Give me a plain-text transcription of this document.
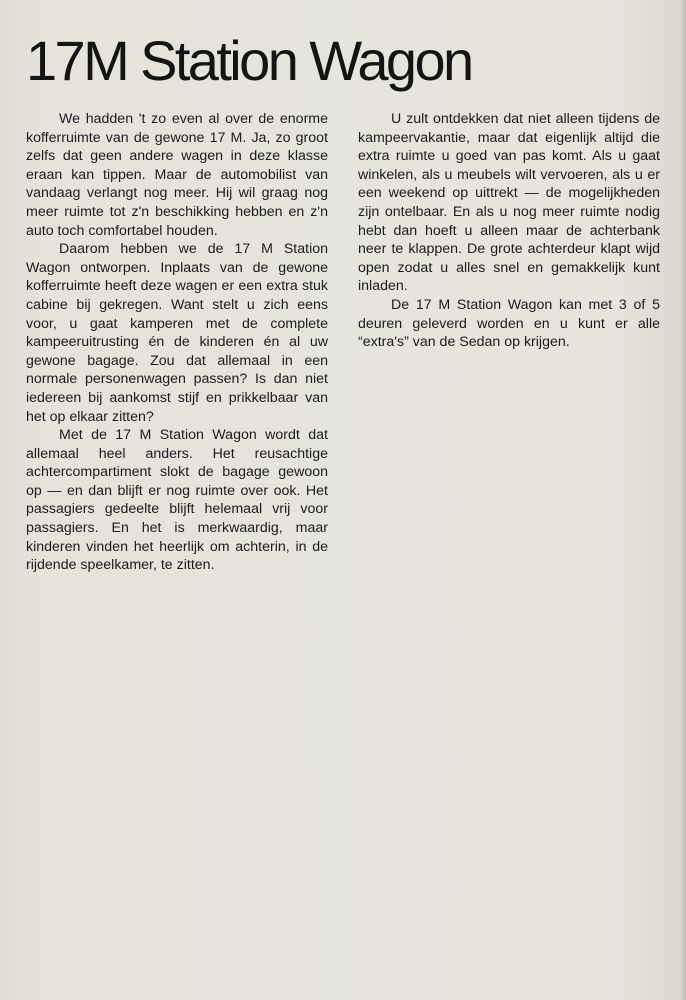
17M Station Wagon

We hadden 't zo even al over de enorme kofferruimte van de gewone 17 M. Ja, zo groot zelfs dat geen andere wagen in deze klasse eraan kan tippen. Maar de automobilist van vandaag verlangt nog meer. Hij wil graag nog meer ruimte tot z'n beschikking hebben en z'n auto toch comfortabel houden.

Daarom hebben we de 17 M Station Wagon ontworpen. Inplaats van de gewone kofferruimte heeft deze wagen er een extra stuk cabine bij gekregen. Want stelt u zich eens voor, u gaat kamperen met de complete kampeeruitrusting én de kinderen én al uw gewone bagage. Zou dat allemaal in een normale personenwagen passen? Is dan niet iedereen bij aankomst stijf en prikkelbaar van het op elkaar zitten?

Met de 17 M Station Wagon wordt dat allemaal heel anders. Het reusachtige achtercompartiment slokt de bagage gewoon op — en dan blijft er nog ruimte over ook. Het passagiers gedeelte blijft helemaal vrij voor passagiers. En het is merkwaardig, maar kinderen vinden het heerlijk om achterin, in de rijdende speelkamer, te zitten.

U zult ontdekken dat niet alleen tijdens de kampeervakantie, maar dat eigenlijk altijd die extra ruimte u goed van pas komt. Als u gaat winkelen, als u meubels wilt vervoeren, als u er een weekend op uittrekt — de mogelijkheden zijn ontelbaar. En als u nog meer ruimte nodig hebt dan hoeft u alleen maar de achterbank neer te klappen. De grote achterdeur klapt wijd open zodat u alles snel en gemakkelijk kunt inladen.

De 17 M Station Wagon kan met 3 of 5 deuren geleverd worden en u kunt er alle “extra's” van de Sedan op krijgen.
